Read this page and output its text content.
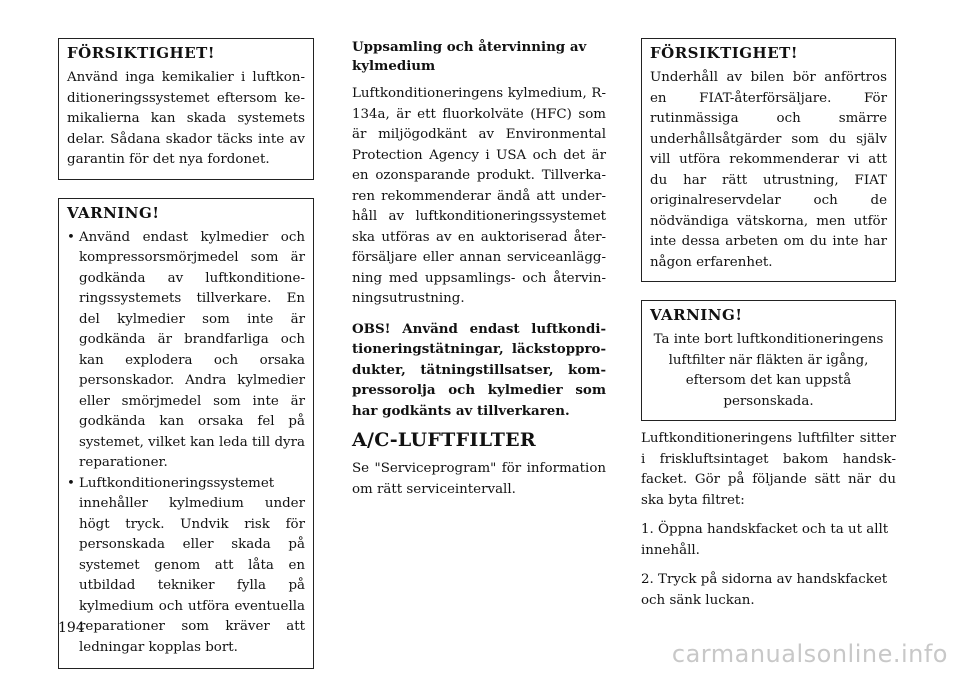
FÖRSIKTIGHET!
Använd inga kemikalier i luftkonditioneringssystemet eftersom kemikalierna kan skada systemets delar. Sådana skador täcks inte av garantin för det nya fordonet.
VARNING!
• Använd endast kylmedier och kompressorsmörjmedel som är godkända av luftkonditioneringssystemets tillverkare. En del kylmedier som inte är godkända är brandfarliga och kan explodera och orsaka personskador. Andra kylmedier eller smörjmedel som inte är godkända kan orsaka fel på systemet, vilket kan leda till dyra reparationer.
• Luftkonditioneringssystemet innehåller kylmedium under högt tryck. Undvik risk för personskada eller skada på systemet genom att låta en utbildad tekniker fylla på kylmedium och utföra eventuella reparationer som kräver att ledningar kopplas bort.
Uppsamling och återvinning av kylmedium
Luftkonditioneringens kylmedium, R-134a, är ett fluorkolväte (HFC) som är miljögodkänt av Environmental Protection Agency i USA och det är en ozonsparande produkt. Tillverkaren rekommenderar ändå att underhåll av luftkonditioneringssystemet ska utföras av en auktoriserad återförsäljare eller annan serviceanläggning med uppsamlings- och återvinningsutrustning.
OBS! Använd endast luftkonditioneringstätningar, läckstopprodukter, tätningstillsatser, kompressorolja och kylmedier som har godkänts av tillverkaren.
A/C-LUFTFILTER
Se "Serviceprogram" för information om rätt serviceintervall.
FÖRSIKTIGHET!
Underhåll av bilen bör anförtros en FIAT-återförsäljare. För rutinmässiga och smärre underhållsåtgärder som du själv vill utföra rekommenderar vi att du har rätt utrustning, FIAT originalreservdelar och de nödvändiga vätskorna, men utför inte dessa arbeten om du inte har någon erfarenhet.
VARNING!
Ta inte bort luftkonditioneringens luftfilter när fläkten är igång, eftersom det kan uppstå personskada.
Luftkonditioneringens luftfilter sitter i friskluftsintaget bakom handskfacket. Gör på följande sätt när du ska byta filtret:
1. Öppna handskfacket och ta ut allt innehåll.
2. Tryck på sidorna av handskfacket och sänk luckan.
194
carmanualsonline.info
